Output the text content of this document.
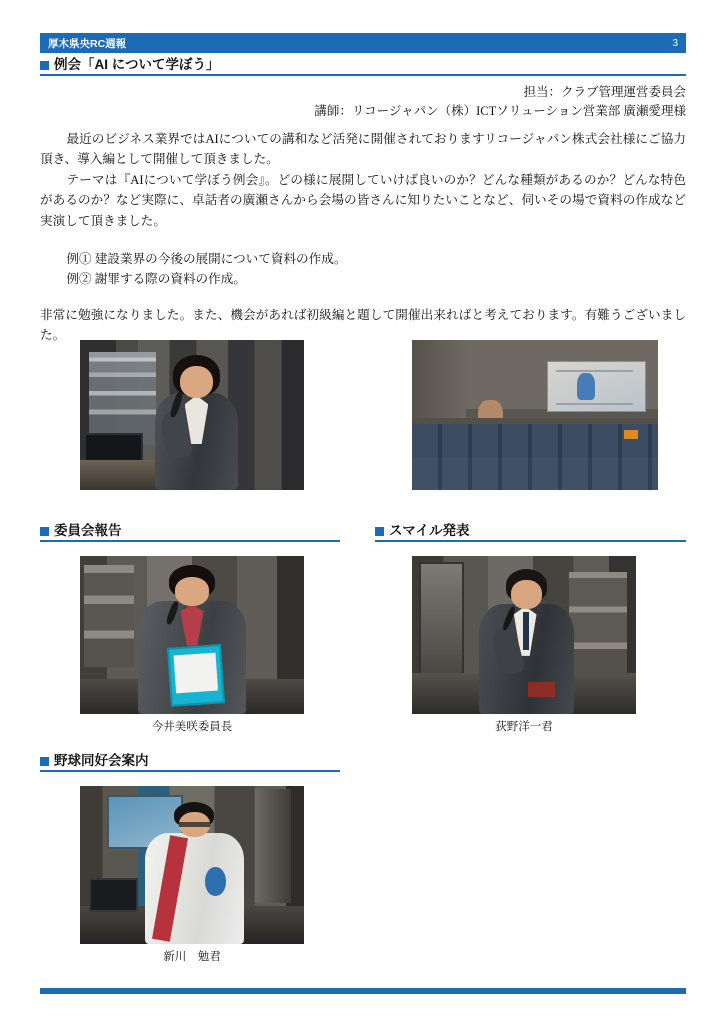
厚木県央RC週報	3
例会「AI について学ぼう」
担当：クラブ管理運営委員会
講師：リコージャパン（株）ICTソリューション営業部 廣瀬愛理様

最近のビジネス業界ではAIについての講和など活発に開催されておりますリコージャパン株式会社様にご協力頂き、導入編として開催して頂きました。

テーマは『AIについて学ぼう例会』。どの様に展開していけば良いのか？どんな種類があるのか？どんな特色があるのか？など実際に、卓話者の廣瀬さんから会場の皆さんに知りたいことなど、伺いその場で資料の作成など実演して頂きました。

例① 建設業界の今後の展開について資料の作成。

例② 謝罪する際の資料の作成。

非常に勉強になりました。また、機会があれば初級編と題して開催出来ればと考えております。有難うございました。

委員会報告	スマイル発表
今井美咲委員長	荻野洋一君
野球同好会案内
新川　勉君
